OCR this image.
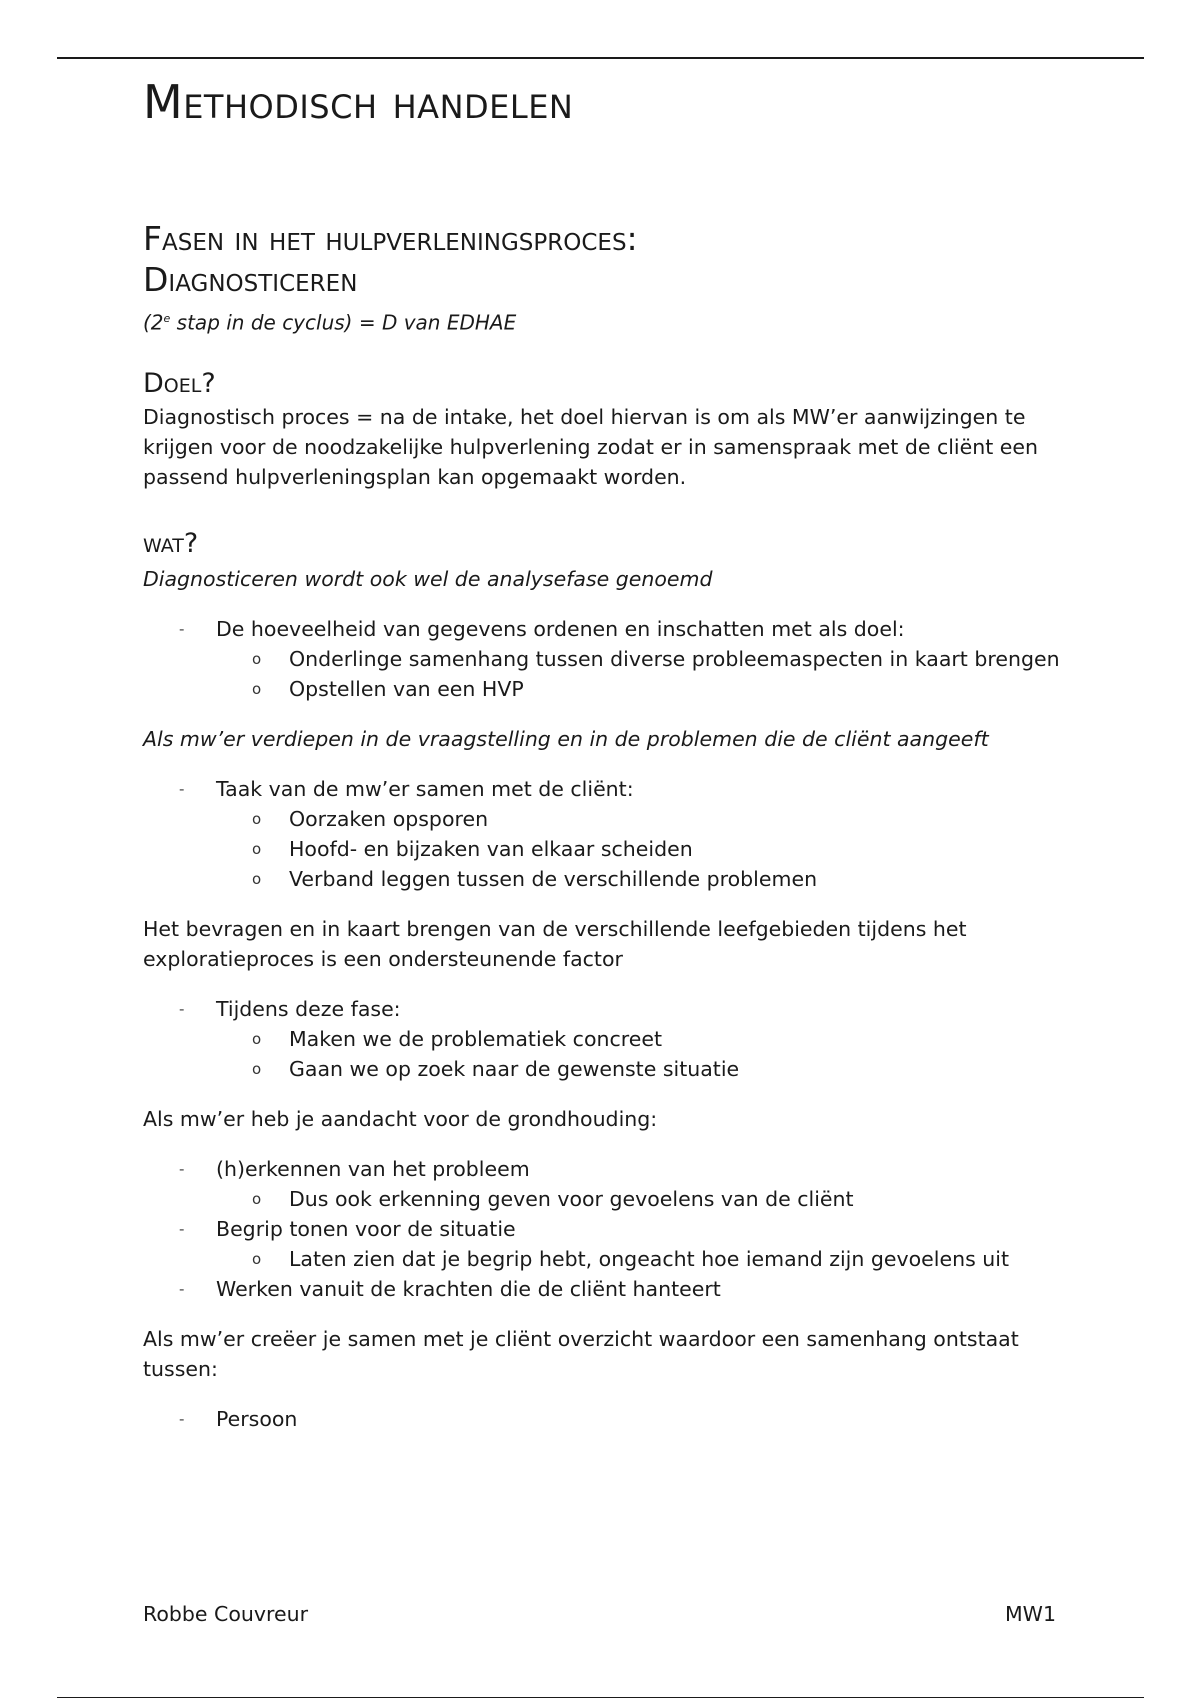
Methodisch handelen
Fasen in het hulpverleningsproces:
Diagnosticeren
(2e stap in de cyclus) = D van EDHAE
Doel?

Diagnostisch proces = na de intake, het doel hiervan is om als MW’er aanwijzingen te krijgen voor de noodzakelijke hulpverlening zodat er in samenspraak met de cliënt een passend hulpverleningsplan kan opgemaakt worden.

wat?

Diagnosticeren wordt ook wel de analysefase genoemd

- De hoeveelheid van gegevens ordenen en inschatten met als doel:
o Onderlinge samenhang tussen diverse probleemaspecten in kaart brengen
o Opstellen van een HVP

Als mw’er verdiepen in de vraagstelling en in de problemen die de cliënt aangeeft

- Taak van de mw’er samen met de cliënt:
o Oorzaken opsporen
o Hoofd- en bijzaken van elkaar scheiden
o Verband leggen tussen de verschillende problemen

Het bevragen en in kaart brengen van de verschillende leefgebieden tijdens het exploratieproces is een ondersteunende factor

- Tijdens deze fase:
o Maken we de problematiek concreet
o Gaan we op zoek naar de gewenste situatie

Als mw’er heb je aandacht voor de grondhouding:

- (h)erkennen van het probleem
o Dus ook erkenning geven voor gevoelens van de cliënt
- Begrip tonen voor de situatie
o Laten zien dat je begrip hebt, ongeacht hoe iemand zijn gevoelens uit
- Werken vanuit de krachten die de cliënt hanteert

Als mw’er creëer je samen met je cliënt overzicht waardoor een samenhang ontstaat tussen:

- Persoon
Robbe Couvreur	MW1
